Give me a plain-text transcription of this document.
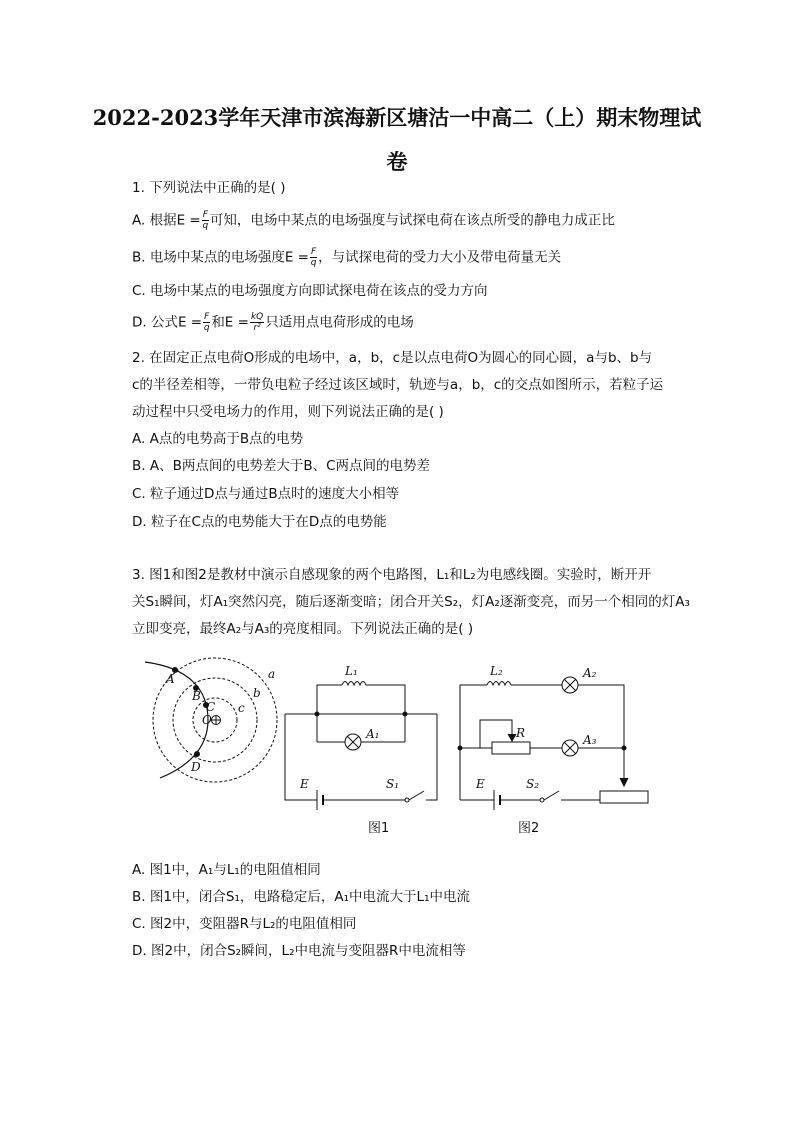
2022-2023学年天津市滨海新区塘沽一中高二（上）期末物理试
卷
1. 下列说法中正确的是( )
A. 根据$E = \frac{F}{q}$ 可知，电场中某点的电场强度与试探电荷在该点所受的静电力成正比
B. 电场中某点的电场强度$E = \frac{F}{q}$ ，与试探电荷的受力大小及带电荷量无关
C. 电场中某点的电场强度方向即试探电荷在该点的受力方向
D. 公式$E = \frac{F}{q}$ 和$E = \frac{kQ}{\text{r²}}$ 只适用点电荷形成的电场
2. 在固定正点电荷O形成的电场中，a，b，c是以点电荷O为圆心的同心圆，a与b、b与
c的半径差相等，一带负电粒子经过该区域时，轨迹与a，b，c的交点如图所示，若粒子运
动过程中只受电场力的作用，则下列说法正确的是( )
A. A点的电势高于B点的电势
B. A、B两点间的电势差大于B、C两点间的电势差
C. 粒子通过D点与通过B点时的速度大小相等
D. 粒子在C点的电势能大于在D点的电势能
3. 图1和图2是教材中演示自感现象的两个电路图，L₁和L₂为电感线圈。实验时，断开开
关S₁瞬间，灯A₁突然闪亮，随后逐渐变暗；闭合开关S₂，灯A₂逐渐变亮，而另一个相同的灯A₃
立即变亮，最终A₂与A₃的亮度相同。下列说法正确的是( )
a
b
c
A
B
C
O
D
L₁
A₁
E	S₁
图1
L₂	A₂
R	A₃
E	S₂
图2
A. 图1中，A₁与L₁的电阻值相同
B. 图1中，闭合S₁，电路稳定后，A₁中电流大于L₁中电流
C. 图2中，变阻器R与L₂的电阻值相同
D. 图2中，闭合S₂瞬间，L₂中电流与变阻器R中电流相等
